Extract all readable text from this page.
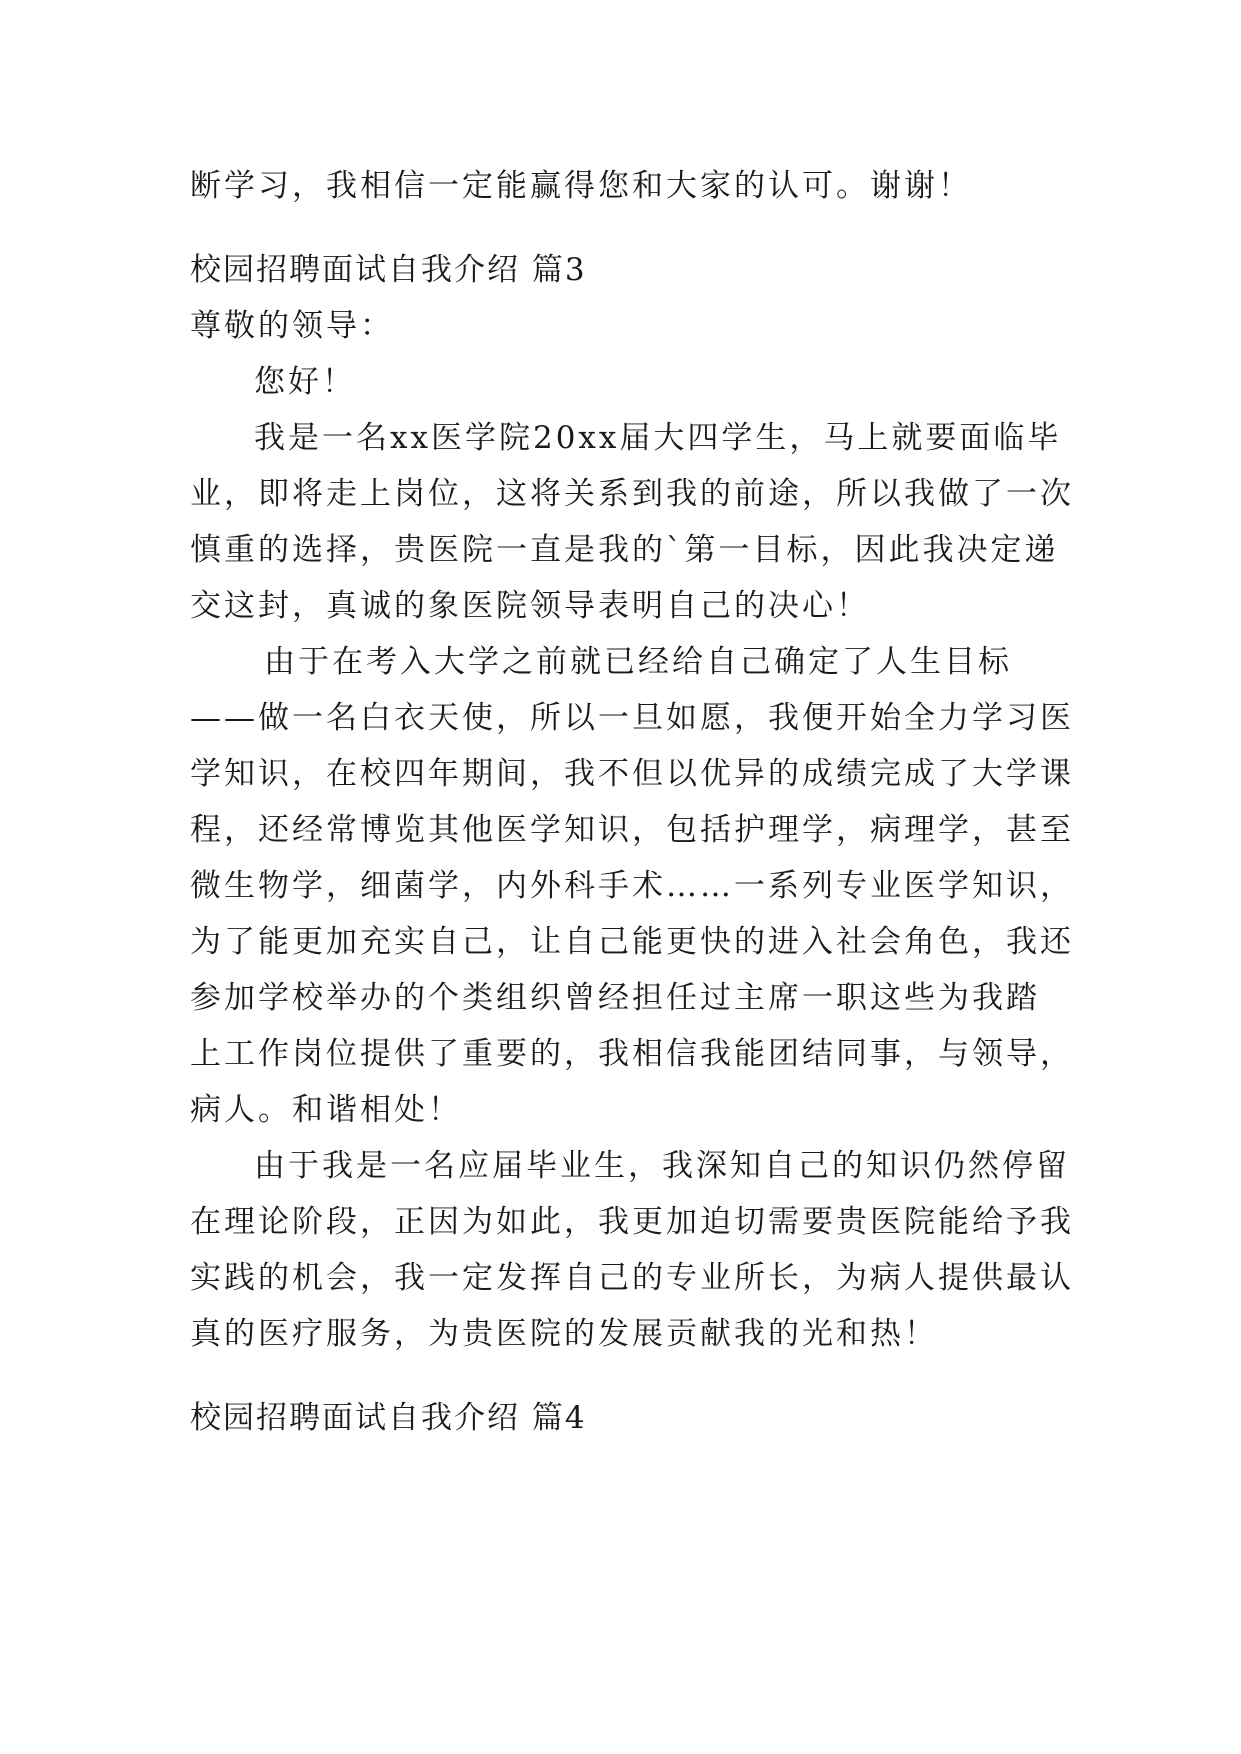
断学习，我相信一定能赢得您和大家的认可。谢谢！
校园招聘面试自我介绍 篇3
尊敬的领导：
您好！
我是一名xx医学院20xx届大四学生，马上就要面临毕
业，即将走上岗位，这将关系到我的前途，所以我做了一次
慎重的选择，贵医院一直是我的`第一目标，因此我决定递
交这封，真诚的象医院领导表明自己的决心！
由于在考入大学之前就已经给自己确定了人生目标
——做一名白衣天使，所以一旦如愿，我便开始全力学习医
学知识，在校四年期间，我不但以优异的成绩完成了大学课
程，还经常博览其他医学知识，包括护理学，病理学，甚至
微生物学，细菌学，内外科手术……一系列专业医学知识，
为了能更加充实自己，让自己能更快的进入社会角色，我还
参加学校举办的个类组织曾经担任过主席一职这些为我踏
上工作岗位提供了重要的，我相信我能团结同事，与领导，
病人。和谐相处！
由于我是一名应届毕业生，我深知自己的知识仍然停留
在理论阶段，正因为如此，我更加迫切需要贵医院能给予我
实践的机会，我一定发挥自己的专业所长，为病人提供最认
真的医疗服务，为贵医院的发展贡献我的光和热！
校园招聘面试自我介绍 篇4
